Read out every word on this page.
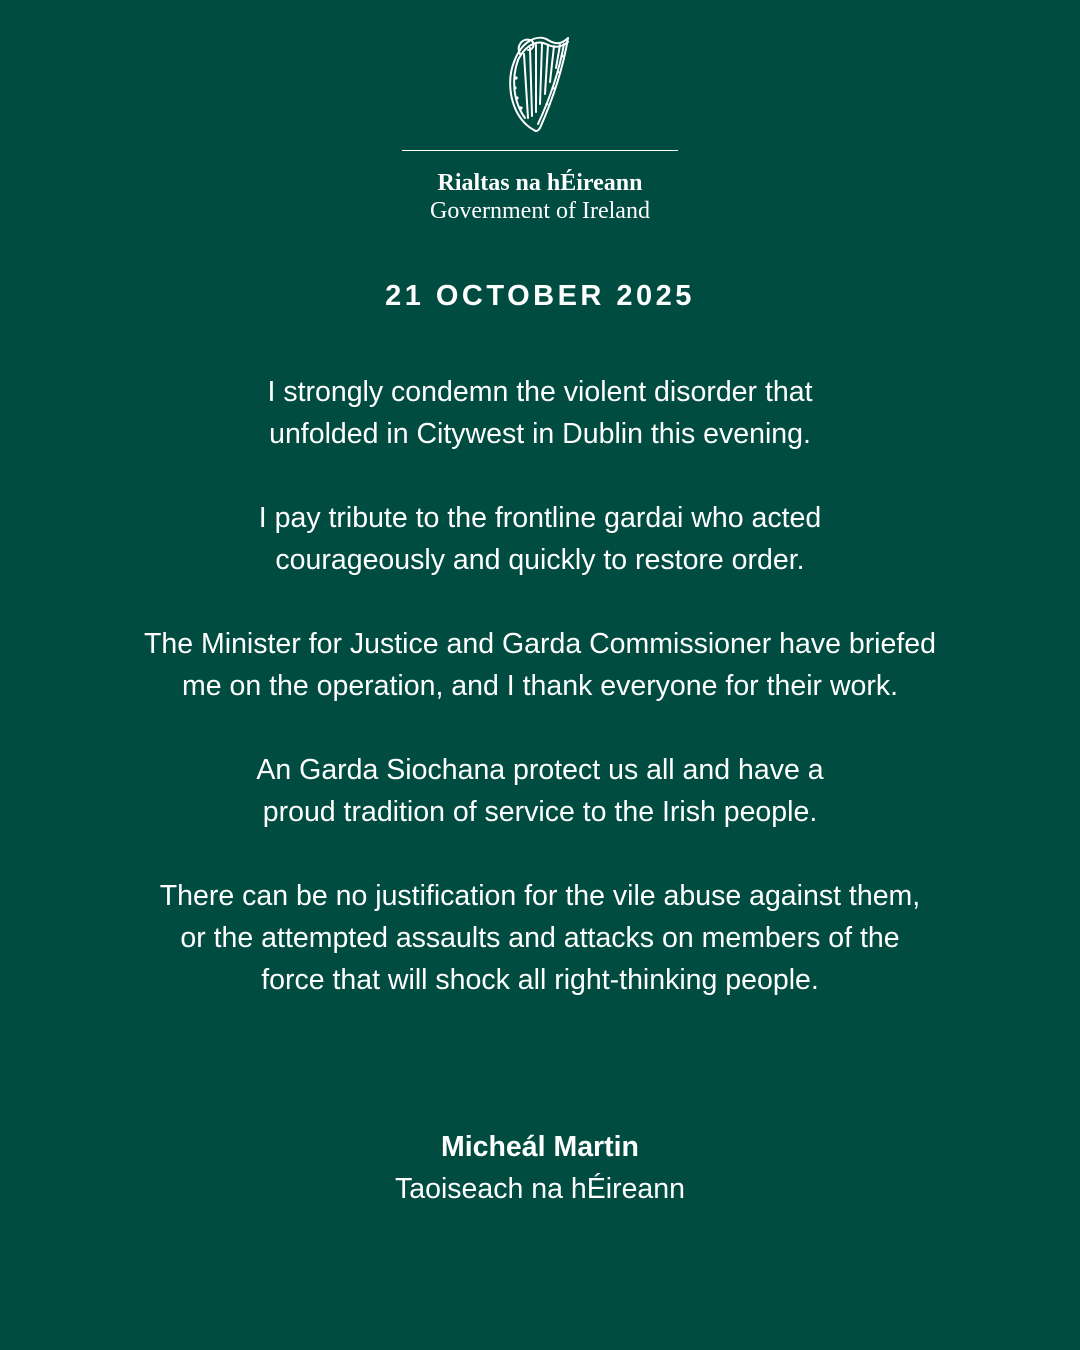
Rialtas na hÉireann
Government of Ireland
21 OCTOBER 2025
I strongly condemn the violent disorder that
unfolded in Citywest in Dublin this evening.
I pay tribute to the frontline gardai who acted
courageously and quickly to restore order.
The Minister for Justice and Garda Commissioner have briefed
me on the operation, and I thank everyone for their work.
An Garda Siochana protect us all and have a
proud tradition of service to the Irish people.
There can be no justification for the vile abuse against them,
or the attempted assaults and attacks on members of the
force that will shock all right-thinking people.
Micheál Martin
Taoiseach na hÉireann
